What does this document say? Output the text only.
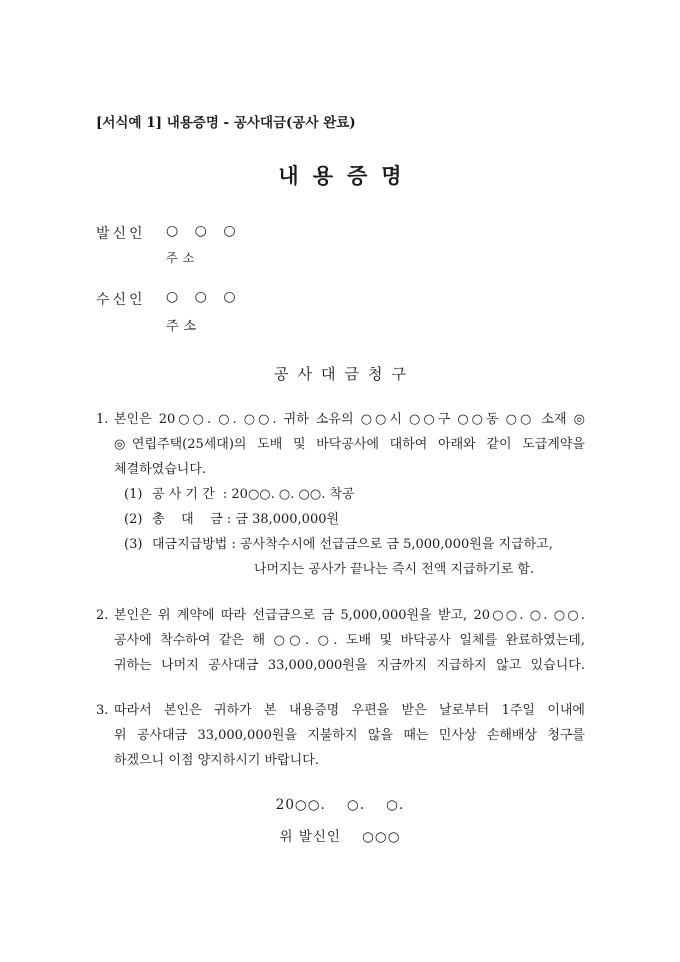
[서식예 1] 내용증명 - 공사대금(공사 완료)
내용증명
발신인 ○ ○ ○
주소
수신인 ○ ○ ○
주소
공사대금청구
1. 본인은 20○○. ○. ○○. 귀하 소유의 ○○시 ○○구 ○○동 ○○ 소재 ◎
◎연립주택(25세대)의 도배 및 바닥공사에 대하여 아래와 같이 도급계약을
체결하였습니다.
(1) 공 사 기 간  : 20○○. ○. ○○. 착공
(2) 총    대    금 : 금 38,000,000원
(3) 대금지급방법 : 공사착수시에 선급금으로 금 5,000,000원을 지급하고,
나머지는 공사가 끝나는 즉시 전액 지급하기로 함.
2. 본인은 위 계약에 따라 선급금으로 금 5,000,000원을 받고, 20○○. ○. ○○.
공사에 착수하여 같은 해 ○○. ○. 도배 및 바닥공사 일체를 완료하였는데,
귀하는 나머지 공사대금 33,000,000원을 지금까지 지급하지 않고 있습니다.
3. 따라서 본인은 귀하가 본 내용증명 우편을 받은 날로부터 1주일 이내에
위 공사대금 33,000,000원을 지불하지 않을 때는 민사상 손해배상 청구를
하겠으니 이점 양지하시기 바랍니다.
20○○.    ○.    ○.
위 발신인    ○○○
